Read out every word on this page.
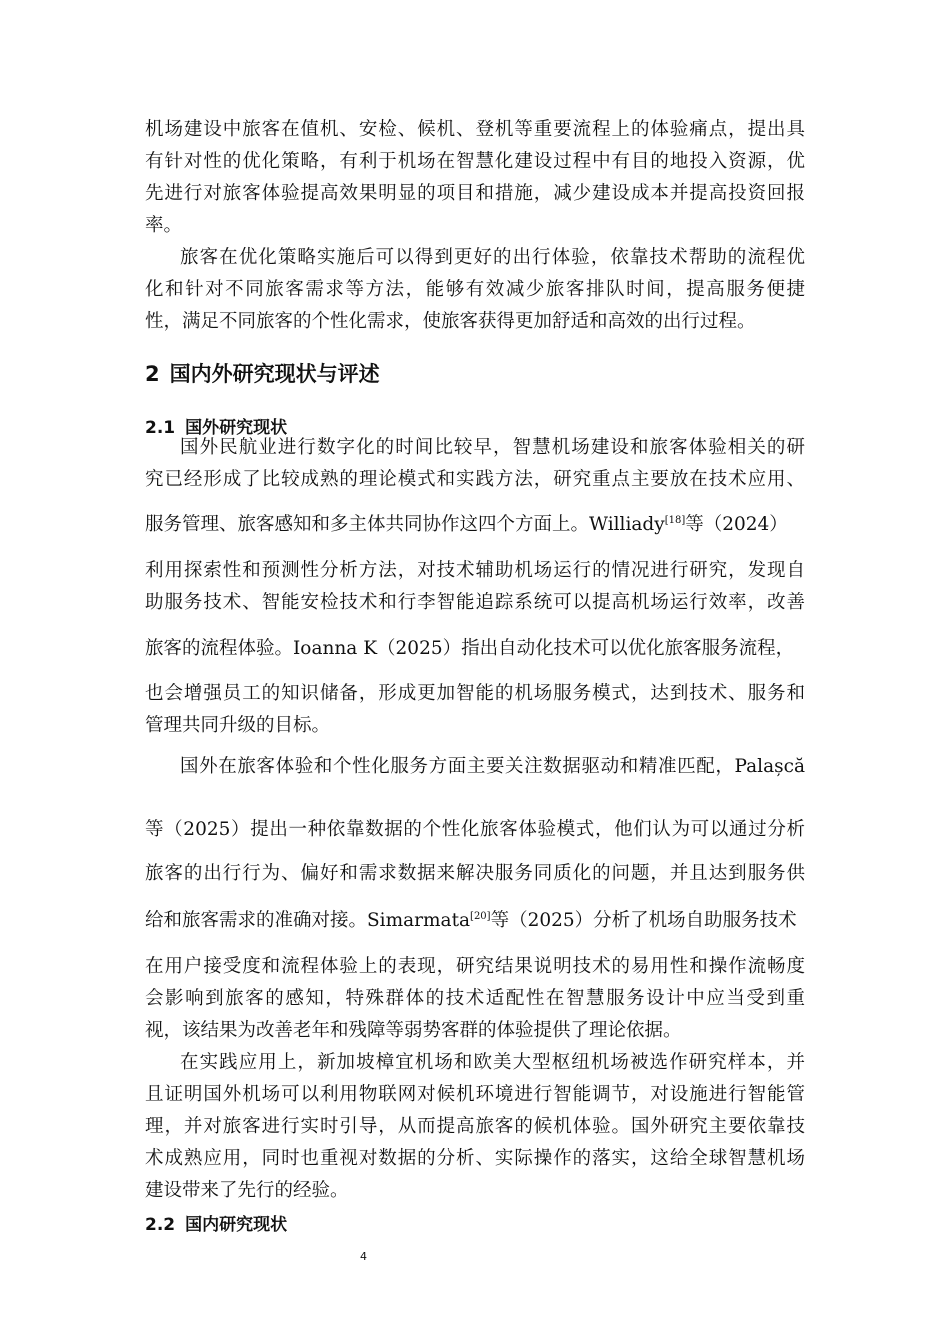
机场建设中旅客在值机、安检、候机、登机等重要流程上的体验痛点，提出具
有针对性的优化策略，有利于机场在智慧化建设过程中有目的地投入资源，优
先进行对旅客体验提高效果明显的项目和措施，减少建设成本并提高投资回报
率。
旅客在优化策略实施后可以得到更好的出行体验，依靠技术帮助的流程优
化和针对不同旅客需求等方法，能够有效减少旅客排队时间，提高服务便捷
性，满足不同旅客的个性化需求，使旅客获得更加舒适和高效的出行过程。
2 国内外研究现状与评述
2.1 国外研究现状
国外民航业进行数字化的时间比较早，智慧机场建设和旅客体验相关的研
究已经形成了比较成熟的理论模式和实践方法，研究重点主要放在技术应用、
服务管理、旅客感知和多主体共同协作这四个方面上。Williady[18]等（2024）
利用探索性和预测性分析方法，对技术辅助机场运行的情况进行研究，发现自
助服务技术、智能安检技术和行李智能追踪系统可以提高机场运行效率，改善
旅客的流程体验。Ioanna K（2025）指出自动化技术可以优化旅客服务流程，
也会增强员工的知识储备，形成更加智能的机场服务模式，达到技术、服务和
管理共同升级的目标。
国外在旅客体验和个性化服务方面主要关注数据驱动和精准匹配，Palașcă
等（2025）提出一种依靠数据的个性化旅客体验模式，他们认为可以通过分析
旅客的出行行为、偏好和需求数据来解决服务同质化的问题，并且达到服务供
给和旅客需求的准确对接。Simarmata[20]等（2025）分析了机场自助服务技术
在用户接受度和流程体验上的表现，研究结果说明技术的易用性和操作流畅度
会影响到旅客的感知，特殊群体的技术适配性在智慧服务设计中应当受到重
视，该结果为改善老年和残障等弱势客群的体验提供了理论依据。
在实践应用上，新加坡樟宜机场和欧美大型枢纽机场被选作研究样本，并
且证明国外机场可以利用物联网对候机环境进行智能调节，对设施进行智能管
理，并对旅客进行实时引导，从而提高旅客的候机体验。国外研究主要依靠技
术成熟应用，同时也重视对数据的分析、实际操作的落实，这给全球智慧机场
建设带来了先行的经验。
2.2 国内研究现状
4
